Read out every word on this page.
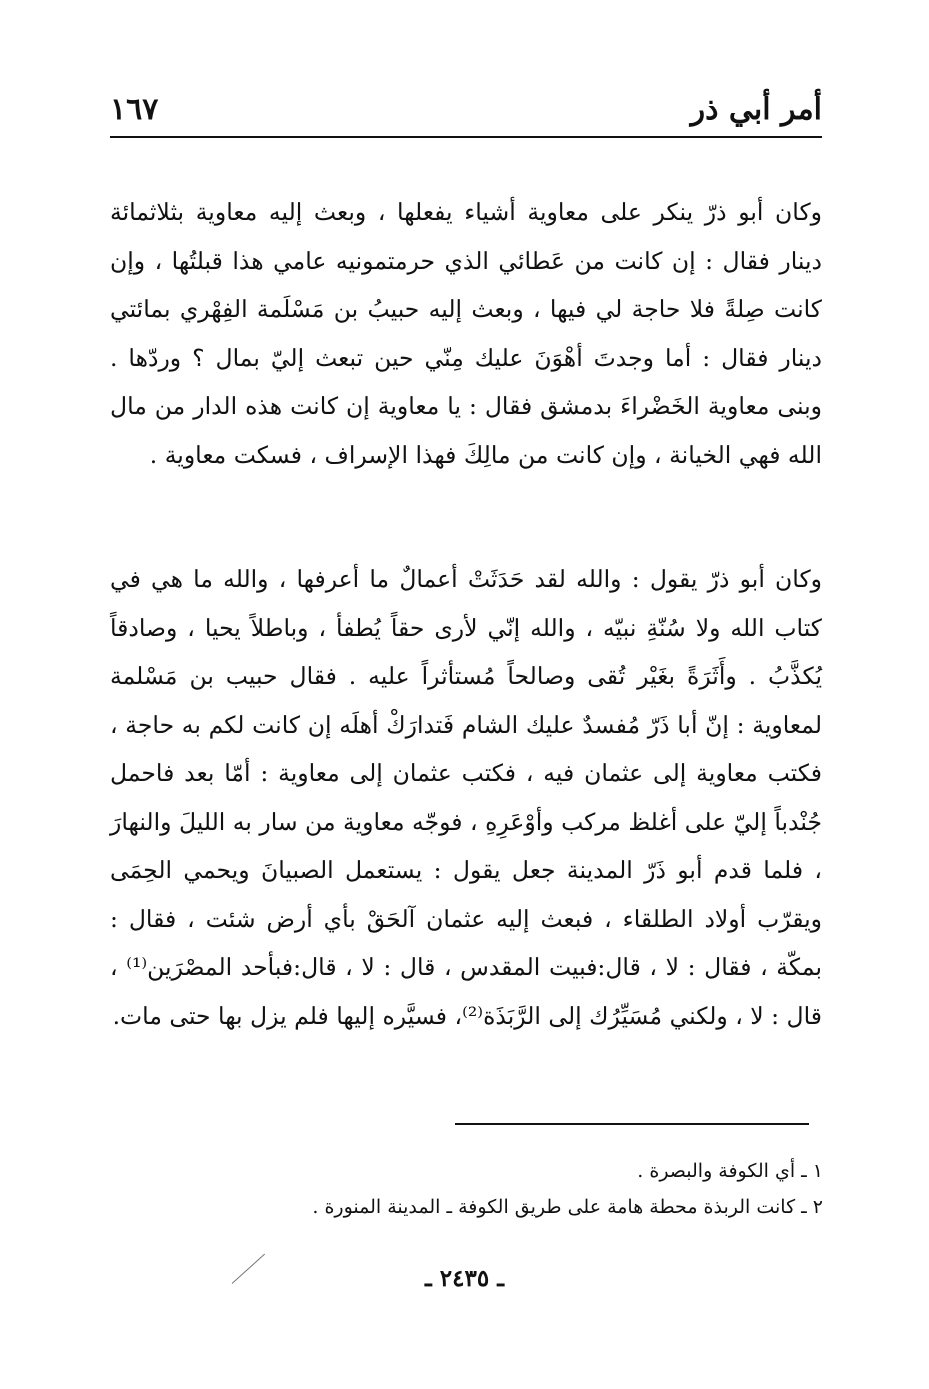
أمر أبي ذر
١٦٧

وكان أبو ذرّ ينكر على معاوية أشياء يفعلها ، وبعث إليه معاوية بثلاثمائة دينار فقال : إن كانت من عَطائي الذي حرمتمونيه عامي هذا قبلتُها ، وإن كانت صِلةً فلا حاجة لي فيها ، وبعث إليه حبيبُ بن مَسْلَمة الفِهْري بمائتي دينار فقال : أما وجدتَ أهْوَنَ عليك مِنّي حين تبعث إليّ بمال ؟ وردّها . وبنى معاوية الخَضْراءَ بدمشق فقال : يا معاوية إن كانت هذه الدار من مال الله فهي الخيانة ، وإن كانت من مالِكَ فهذا الإسراف ، فسكت معاوية .

وكان أبو ذرّ يقول : والله لقد حَدَثَتْ أعمالٌ ما أعرفها ، والله ما هي في كتاب الله ولا سُنّةِ نبيّه ، والله إنّي لأرى حقاً يُطفأ ، وباطلاً يحيا ، وصادقاً يُكذَّبُ . وأَثَرَةً بغَيْر تُقى وصالحاً مُستأثراً عليه . فقال حبيب بن مَسْلمة لمعاوية : إنّ أبا ذَرّ مُفسدٌ عليك الشام فَتدارَكْ أهلَه إن كانت لكم به حاجة ، فكتب معاوية إلى عثمان فيه ، فكتب عثمان إلى معاوية : أمّا بعد فاحمل جُنْدباً إليّ على أغلظ مركب وأوْعَرِهِ ، فوجّه معاوية من سار به الليلَ والنهارَ ، فلما قدم أبو ذَرّ المدينة جعل يقول : يستعمل الصبيانَ ويحمي الحِمَى ويقرّب أولاد الطلقاء ، فبعث إليه عثمان آلحَقْ بأي أرض شئت ، فقال : بمكّة ، فقال : لا ، قال:فبيت المقدس ، قال : لا ، قال:فبأحد المصْرَين⁽¹⁾ ، قال : لا ، ولكني مُسَيِّرُك إلى الرَّبَذَة⁽²⁾، فسيَّره إليها فلم يزل بها حتى مات.

١ ـ أي الكوفة والبصرة .
٢ ـ كانت الربذة محطة هامة على طريق الكوفة ـ المدينة المنورة .
ـ ٢٤٣٥ ـ
